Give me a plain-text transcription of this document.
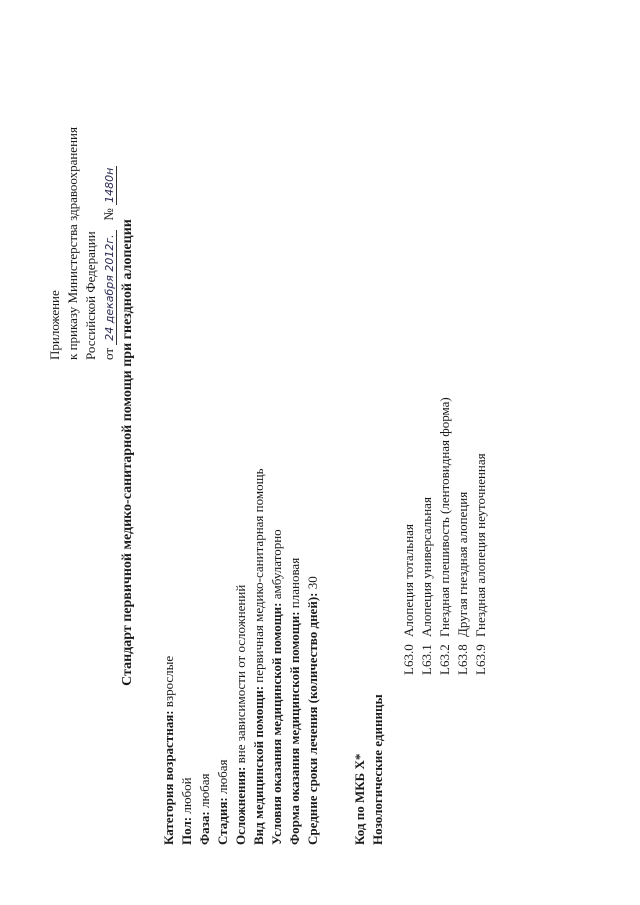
Приложение к приказу Министерства здравоохранения Российской Федерации от 24 декабря 2012г.   № 1480н
Стандарт первичной медико-санитарной помощи при гнездной алопеции
Категория возрастная: взрослые
Пол: любой
Фаза: любая
Стадия: любая Осложнения: вне зависимости от осложнений Вид медицинской помощи: первичная медико-санитарная помощь
Условия оказания медицинской помощи: амбулаторно
Форма оказания медицинской помощи: плановая
Средние сроки лечения (количество дней): 30
Код по МКБ X* Нозологические единицы
L63.0Алопеция тотальная
L63.1Алопеция универсальная
L63.2Гнездная плешивость (лентовидная форма)
L63.8Другая гнездная алопеция
L63.9Гнездная алопеция неуточненная
